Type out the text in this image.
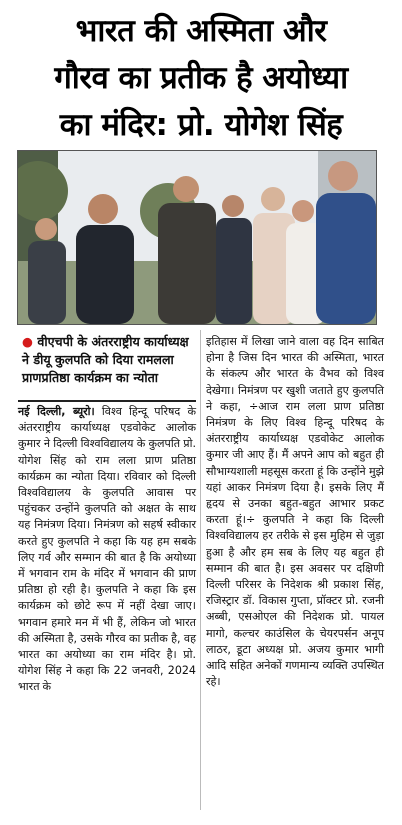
भारत की अस्मिता और
गौरव का प्रतीक है अयोध्या
का मंदिर: प्रो. योगेश सिंह
● वीएचपी के अंतरराष्ट्रीय कार्याध्यक्ष ने डीयू कुलपति को दिया रामलला प्राणप्रतिष्ठा कार्यक्रम का न्योता
नई दिल्ली, ब्यूरो। विश्व हिन्दू परिषद के अंतरराष्ट्रीय कार्याध्यक्ष एडवोकेट आलोक कुमार ने दिल्ली विश्वविद्यालय के कुलपति प्रो. योगेश सिंह को राम लला प्राण प्रतिष्ठा कार्यक्रम का न्योता दिया। रविवार को दिल्ली विश्वविद्यालय के कुलपति आवास पर पहुंचकर उन्होंने कुलपति को अक्षत के साथ यह निमंत्रण दिया। निमंत्रण को सहर्ष स्वीकार करते हुए कुलपति ने कहा कि यह हम सबके लिए गर्व और सम्मान की बात है कि अयोध्या में भगवान राम के मंदिर में भगवान की प्राण प्रतिष्ठा हो रही है। कुलपति ने कहा कि इस कार्यक्रम को छोटे रूप में नहीं देखा जाए। भगवान हमारे मन में भी हैं, लेकिन जो भारत की अस्मिता है, उसके गौरव का प्रतीक है, वह भारत का अयोध्या का राम मंदिर है। प्रो. योगेश सिंह ने कहा कि 22 जनवरी, 2024 भारत के
इतिहास में लिखा जाने वाला वह दिन साबित होना है जिस दिन भारत की अस्मिता, भारत के संकल्प और भारत के वैभव को विश्व देखेगा। निमंत्रण पर खुशी जताते हुए कुलपति ने कहा, ÷आज राम लला प्राण प्रतिष्ठा निमंत्रण के लिए विश्व हिन्दू परिषद के अंतरराष्ट्रीय कार्याध्यक्ष एडवोकेट आलोक कुमार जी आए हैं। मैं अपने आप को बहुत ही सौभाग्यशाली महसूस करता हूं कि उन्होंने मुझे यहां आकर निमंत्रण दिया है। इसके लिए मैं हृदय से उनका बहुत-बहुत आभार प्रकट करता हूं।÷ कुलपति ने कहा कि दिल्ली विश्वविद्यालय हर तरीके से इस मुहिम से जुड़ा हुआ है और हम सब के लिए यह बहुत ही सम्मान की बात है। इस अवसर पर दक्षिणी दिल्ली परिसर के निदेशक श्री प्रकाश सिंह, रजिस्ट्रार डॉ. विकास गुप्ता, प्रॉक्टर प्रो. रजनी अब्बी, एसओएल की निदेशक प्रो. पायल मागो, कल्चर काउंसिल के चेयरपर्सन अनूप लाठर, डूटा अध्यक्ष प्रो. अजय कुमार भागी आदि सहित अनेकों गणमान्य व्यक्ति उपस्थित रहे।
